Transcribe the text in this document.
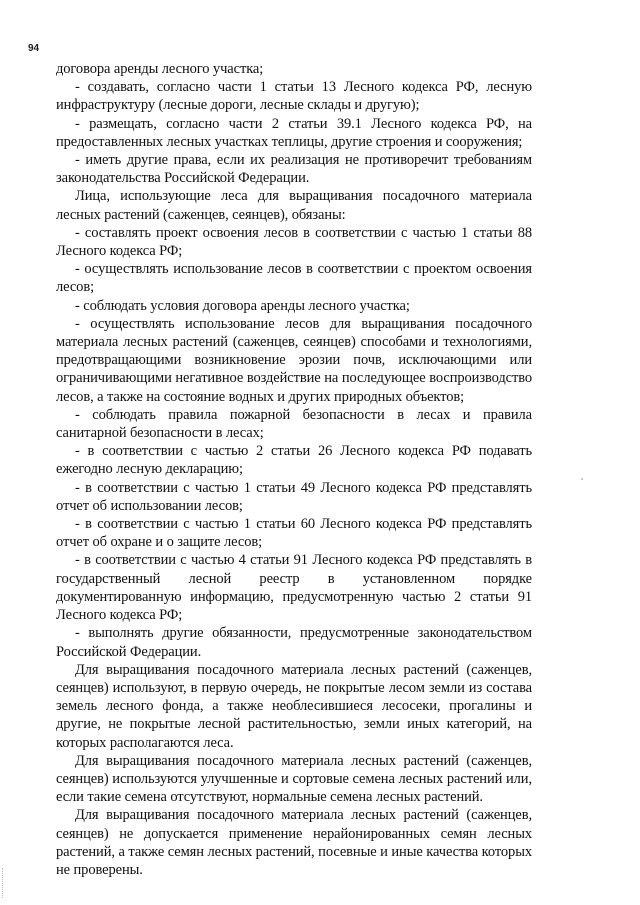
94

договора аренды лесного участка;

- создавать, согласно части 1 статьи 13 Лесного кодекса РФ, лесную инфраструктуру (лесные дороги, лесные склады и другую);

- размещать, согласно части 2 статьи 39.1 Лесного кодекса РФ, на предоставленных лесных участках теплицы, другие строения и сооружения;

- иметь другие права, если их реализация не противоречит требованиям законодательства Российской Федерации.

Лица, использующие леса для выращивания посадочного материала лесных растений (саженцев, сеянцев), обязаны:

- составлять проект освоения лесов в соответствии с частью 1 статьи 88 Лесного кодекса РФ;

- осуществлять использование лесов в соответствии с проектом освоения лесов;

- соблюдать условия договора аренды лесного участка;

- осуществлять использование лесов для выращивания посадочного материала лесных растений (саженцев, сеянцев) способами и технологиями, предотвращающими возникновение эрозии почв, исключающими или ограничивающими негативное воздействие на последующее воспроизводство лесов, а также на состояние водных и других природных объектов;

- соблюдать правила пожарной безопасности в лесах и правила санитарной безопасности в лесах;

- в соответствии с частью 2 статьи 26 Лесного кодекса РФ подавать ежегодно лесную декларацию;

- в соответствии с частью 1 статьи 49 Лесного кодекса РФ представлять отчет об использовании лесов;

- в соответствии с частью 1 статьи 60 Лесного кодекса РФ представлять отчет об охране и о защите лесов;

- в соответствии с частью 4 статьи 91 Лесного кодекса РФ представлять в государственный лесной реестр в установленном порядке документированную информацию, предусмотренную частью 2 статьи 91 Лесного кодекса РФ;

- выполнять другие обязанности, предусмотренные законодательством Российской Федерации.

Для выращивания посадочного материала лесных растений (саженцев, сеянцев) используют, в первую очередь, не покрытые лесом земли из состава земель лесного фонда, а также необлесившиеся лесосеки, прогалины и другие, не покрытые лесной растительностью, земли иных категорий, на которых располагаются леса.

Для выращивания посадочного материала лесных растений (саженцев, сеянцев) используются улучшенные и сортовые семена лесных растений или, если такие семена отсутствуют, нормальные семена лесных растений.

Для выращивания посадочного материала лесных растений (саженцев, сеянцев) не допускается применение нерайонированных семян лесных растений, а также семян лесных растений, посевные и иные качества которых не проверены.
